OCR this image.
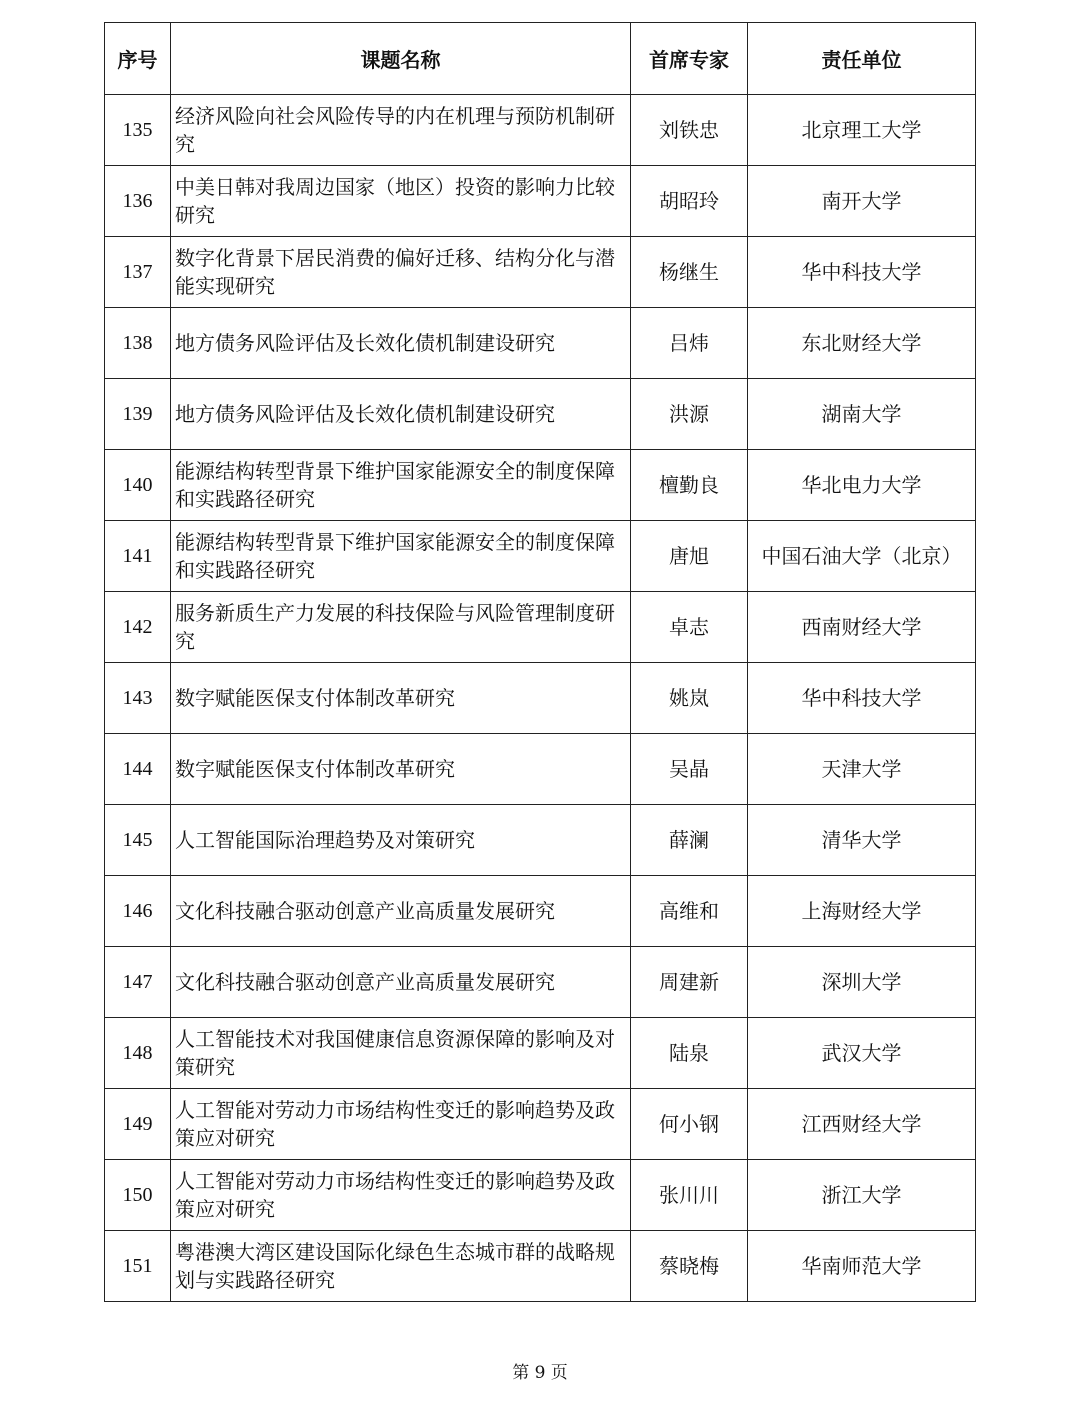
序号	课题名称	首席专家	责任单位
135	经济风险向社会风险传导的内在机理与预防机制研究	刘铁忠	北京理工大学
136	中美日韩对我周边国家（地区）投资的影响力比较研究	胡昭玲	南开大学
137	数字化背景下居民消费的偏好迁移、结构分化与潜能实现研究	杨继生	华中科技大学
138	地方债务风险评估及长效化债机制建设研究	吕炜	东北财经大学
139	地方债务风险评估及长效化债机制建设研究	洪源	湖南大学
140	能源结构转型背景下维护国家能源安全的制度保障和实践路径研究	檀勤良	华北电力大学
141	能源结构转型背景下维护国家能源安全的制度保障和实践路径研究	唐旭	中国石油大学（北京）
142	服务新质生产力发展的科技保险与风险管理制度研究	卓志	西南财经大学
143	数字赋能医保支付体制改革研究	姚岚	华中科技大学
144	数字赋能医保支付体制改革研究	吴晶	天津大学
145	人工智能国际治理趋势及对策研究	薛澜	清华大学
146	文化科技融合驱动创意产业高质量发展研究	高维和	上海财经大学
147	文化科技融合驱动创意产业高质量发展研究	周建新	深圳大学
148	人工智能技术对我国健康信息资源保障的影响及对策研究	陆泉	武汉大学
149	人工智能对劳动力市场结构性变迁的影响趋势及政策应对研究	何小钢	江西财经大学
150	人工智能对劳动力市场结构性变迁的影响趋势及政策应对研究	张川川	浙江大学
151	粤港澳大湾区建设国际化绿色生态城市群的战略规划与实践路径研究	蔡晓梅	华南师范大学
第 9 页
